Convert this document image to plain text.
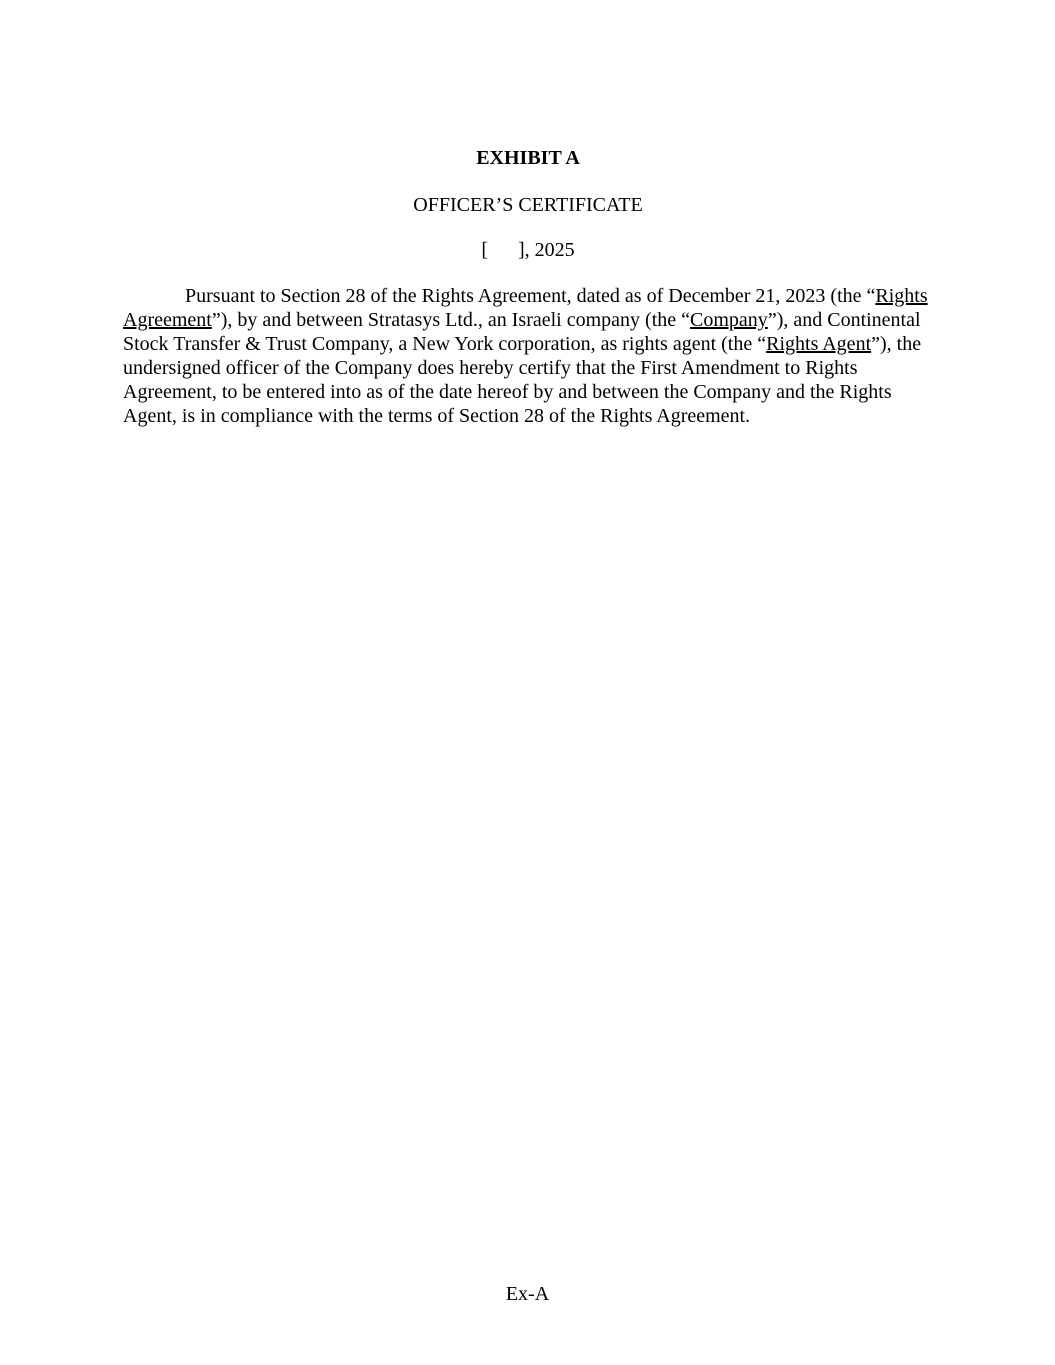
EXHIBIT A

OFFICER’S CERTIFICATE

[      ], 2025

Pursuant to Section 28 of the Rights Agreement, dated as of December 21, 2023 (the “Rights Agreement”), by and between Stratasys Ltd., an Israeli company (the “Company”), and Continental Stock Transfer & Trust Company, a New York corporation, as rights agent (the “Rights Agent”), the undersigned officer of the Company does hereby certify that the First Amendment to Rights Agreement, to be entered into as of the date hereof by and between the Company and the Rights Agent, is in compliance with the terms of Section 28 of the Rights Agreement.

Ex-A
